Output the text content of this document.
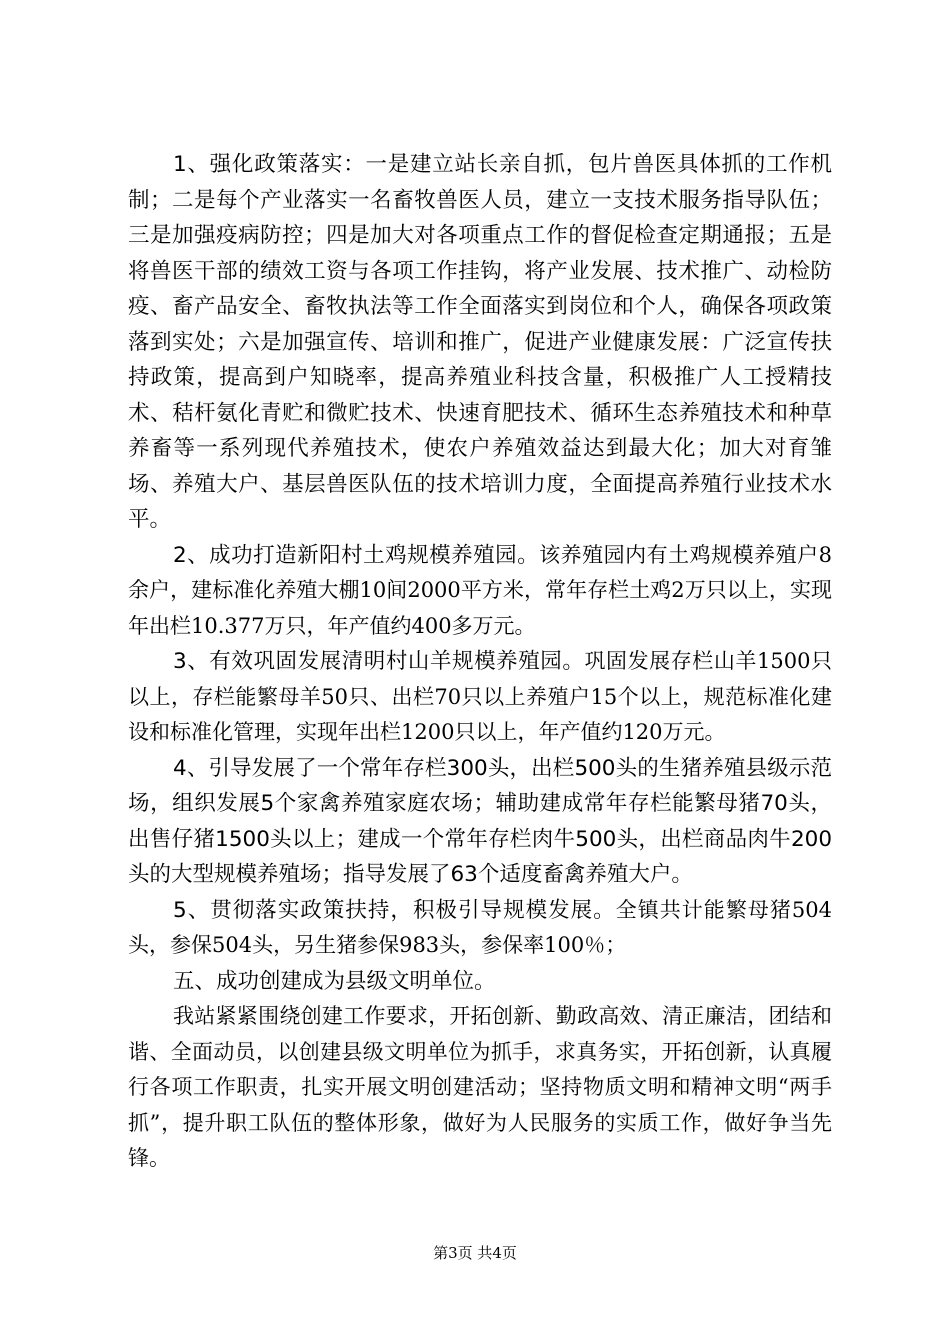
1、强化政策落实：一是建立站长亲自抓，包片兽医具体抓的工作机制；二是每个产业落实一名畜牧兽医人员，建立一支技术服务指导队伍；三是加强疫病防控；四是加大对各项重点工作的督促检查定期通报；五是将兽医干部的绩效工资与各项工作挂钩，将产业发展、技术推广、动检防疫、畜产品安全、畜牧执法等工作全面落实到岗位和个人，确保各项政策落到实处；六是加强宣传、培训和推广，促进产业健康发展：广泛宣传扶持政策，提高到户知晓率，提高养殖业科技含量，积极推广人工授精技术、秸杆氨化青贮和微贮技术、快速育肥技术、循环生态养殖技术和种草养畜等一系列现代养殖技术，使农户养殖效益达到最大化；加大对育雏场、养殖大户、基层兽医队伍的技术培训力度，全面提高养殖行业技术水平。

2、成功打造新阳村土鸡规模养殖园。该养殖园内有土鸡规模养殖户8余户，建标准化养殖大棚10间2000平方米，常年存栏土鸡2万只以上，实现年出栏10.377万只，年产值约400多万元。

3、有效巩固发展清明村山羊规模养殖园。巩固发展存栏山羊1500只以上，存栏能繁母羊50只、出栏70只以上养殖户15个以上，规范标准化建设和标准化管理，实现年出栏1200只以上，年产值约120万元。

4、引导发展了一个常年存栏300头，出栏500头的生猪养殖县级示范场，组织发展5个家禽养殖家庭农场；辅助建成常年存栏能繁母猪70头，出售仔猪1500头以上；建成一个常年存栏肉牛500头，出栏商品肉牛200头的大型规模养殖场；指导发展了63个适度畜禽养殖大户。

5、贯彻落实政策扶持，积极引导规模发展。全镇共计能繁母猪504头，参保504头，另生猪参保983头，参保率100％；

五、成功创建成为县级文明单位。

我站紧紧围绕创建工作要求，开拓创新、勤政高效、清正廉洁，团结和谐、全面动员，以创建县级文明单位为抓手，求真务实，开拓创新，认真履行各项工作职责，扎实开展文明创建活动；坚持物质文明和精神文明“两手抓”，提升职工队伍的整体形象，做好为人民服务的实质工作，做好争当先锋。

第3页 共4页
